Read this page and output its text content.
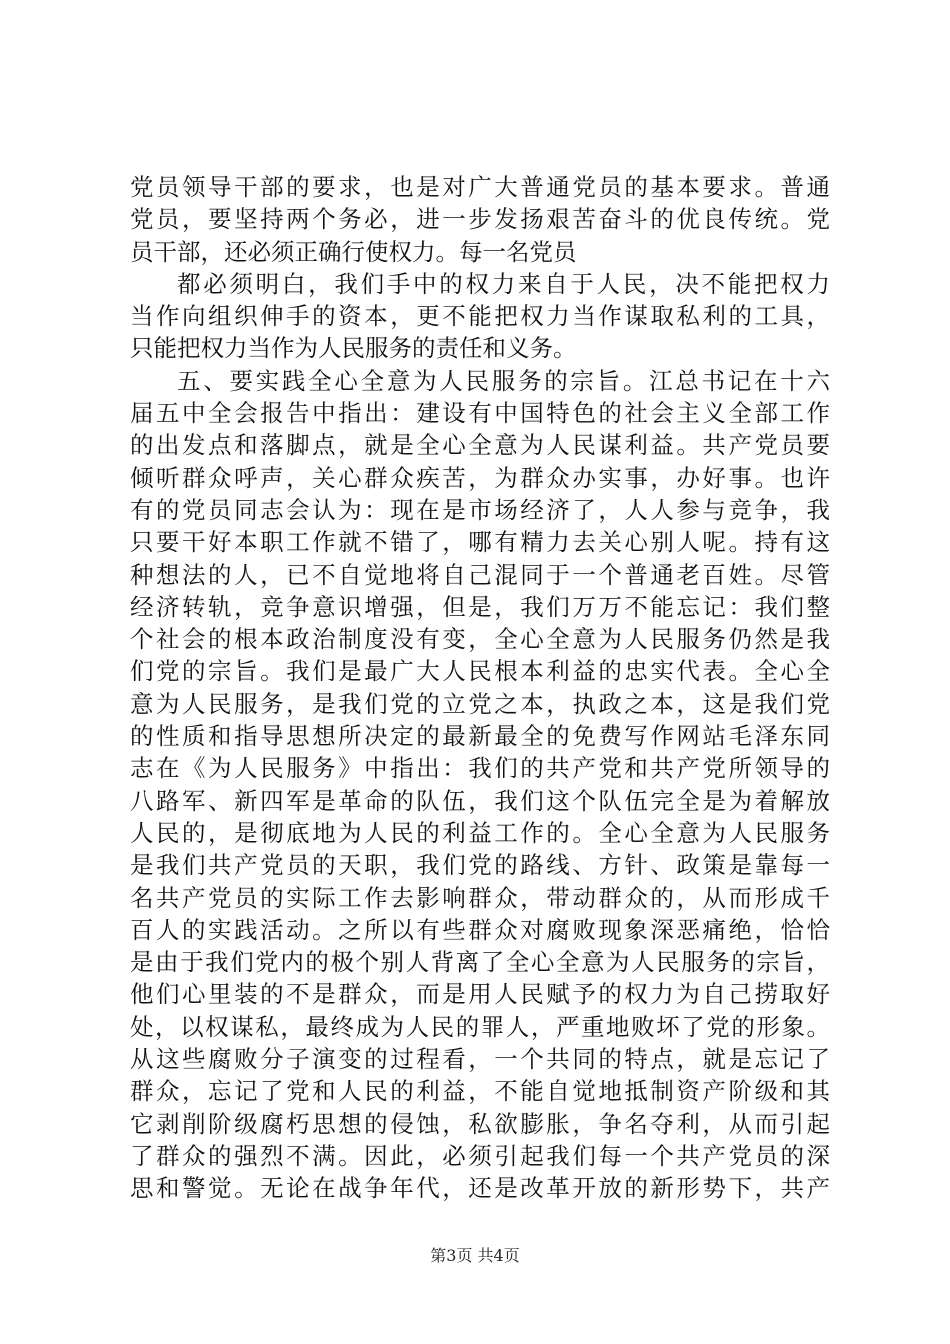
党员领导干部的要求，也是对广大普通党员的基本要求。普通
党员，要坚持两个务必，进一步发扬艰苦奋斗的优良传统。党
员干部，还必须正确行使权力。每一名党员
都必须明白，我们手中的权力来自于人民，决不能把权力
当作向组织伸手的资本，更不能把权力当作谋取私利的工具，
只能把权力当作为人民服务的责任和义务。
五、要实践全心全意为人民服务的宗旨。江总书记在十六
届五中全会报告中指出：建设有中国特色的社会主义全部工作
的出发点和落脚点，就是全心全意为人民谋利益。共产党员要
倾听群众呼声，关心群众疾苦，为群众办实事，办好事。也许
有的党员同志会认为：现在是市场经济了，人人参与竞争，我
只要干好本职工作就不错了，哪有精力去关心别人呢。持有这
种想法的人，已不自觉地将自己混同于一个普通老百姓。尽管
经济转轨，竞争意识增强，但是，我们万万不能忘记：我们整
个社会的根本政治制度没有变，全心全意为人民服务仍然是我
们党的宗旨。我们是最广大人民根本利益的忠实代表。全心全
意为人民服务，是我们党的立党之本，执政之本，这是我们党
的性质和指导思想所决定的最新最全的免费写作网站毛泽东同
志在《为人民服务》中指出：我们的共产党和共产党所领导的
八路军、新四军是革命的队伍，我们这个队伍完全是为着解放
人民的，是彻底地为人民的利益工作的。全心全意为人民服务
是我们共产党员的天职，我们党的路线、方针、政策是靠每一
名共产党员的实际工作去影响群众，带动群众的，从而形成千
百人的实践活动。之所以有些群众对腐败现象深恶痛绝，恰恰
是由于我们党内的极个别人背离了全心全意为人民服务的宗旨，
他们心里装的不是群众，而是用人民赋予的权力为自己捞取好
处，以权谋私，最终成为人民的罪人，严重地败坏了党的形象。
从这些腐败分子演变的过程看，一个共同的特点，就是忘记了
群众，忘记了党和人民的利益，不能自觉地抵制资产阶级和其
它剥削阶级腐朽思想的侵蚀，私欲膨胀，争名夺利，从而引起
了群众的强烈不满。因此，必须引起我们每一个共产党员的深
思和警觉。无论在战争年代，还是改革开放的新形势下，共产
第3页 共4页
